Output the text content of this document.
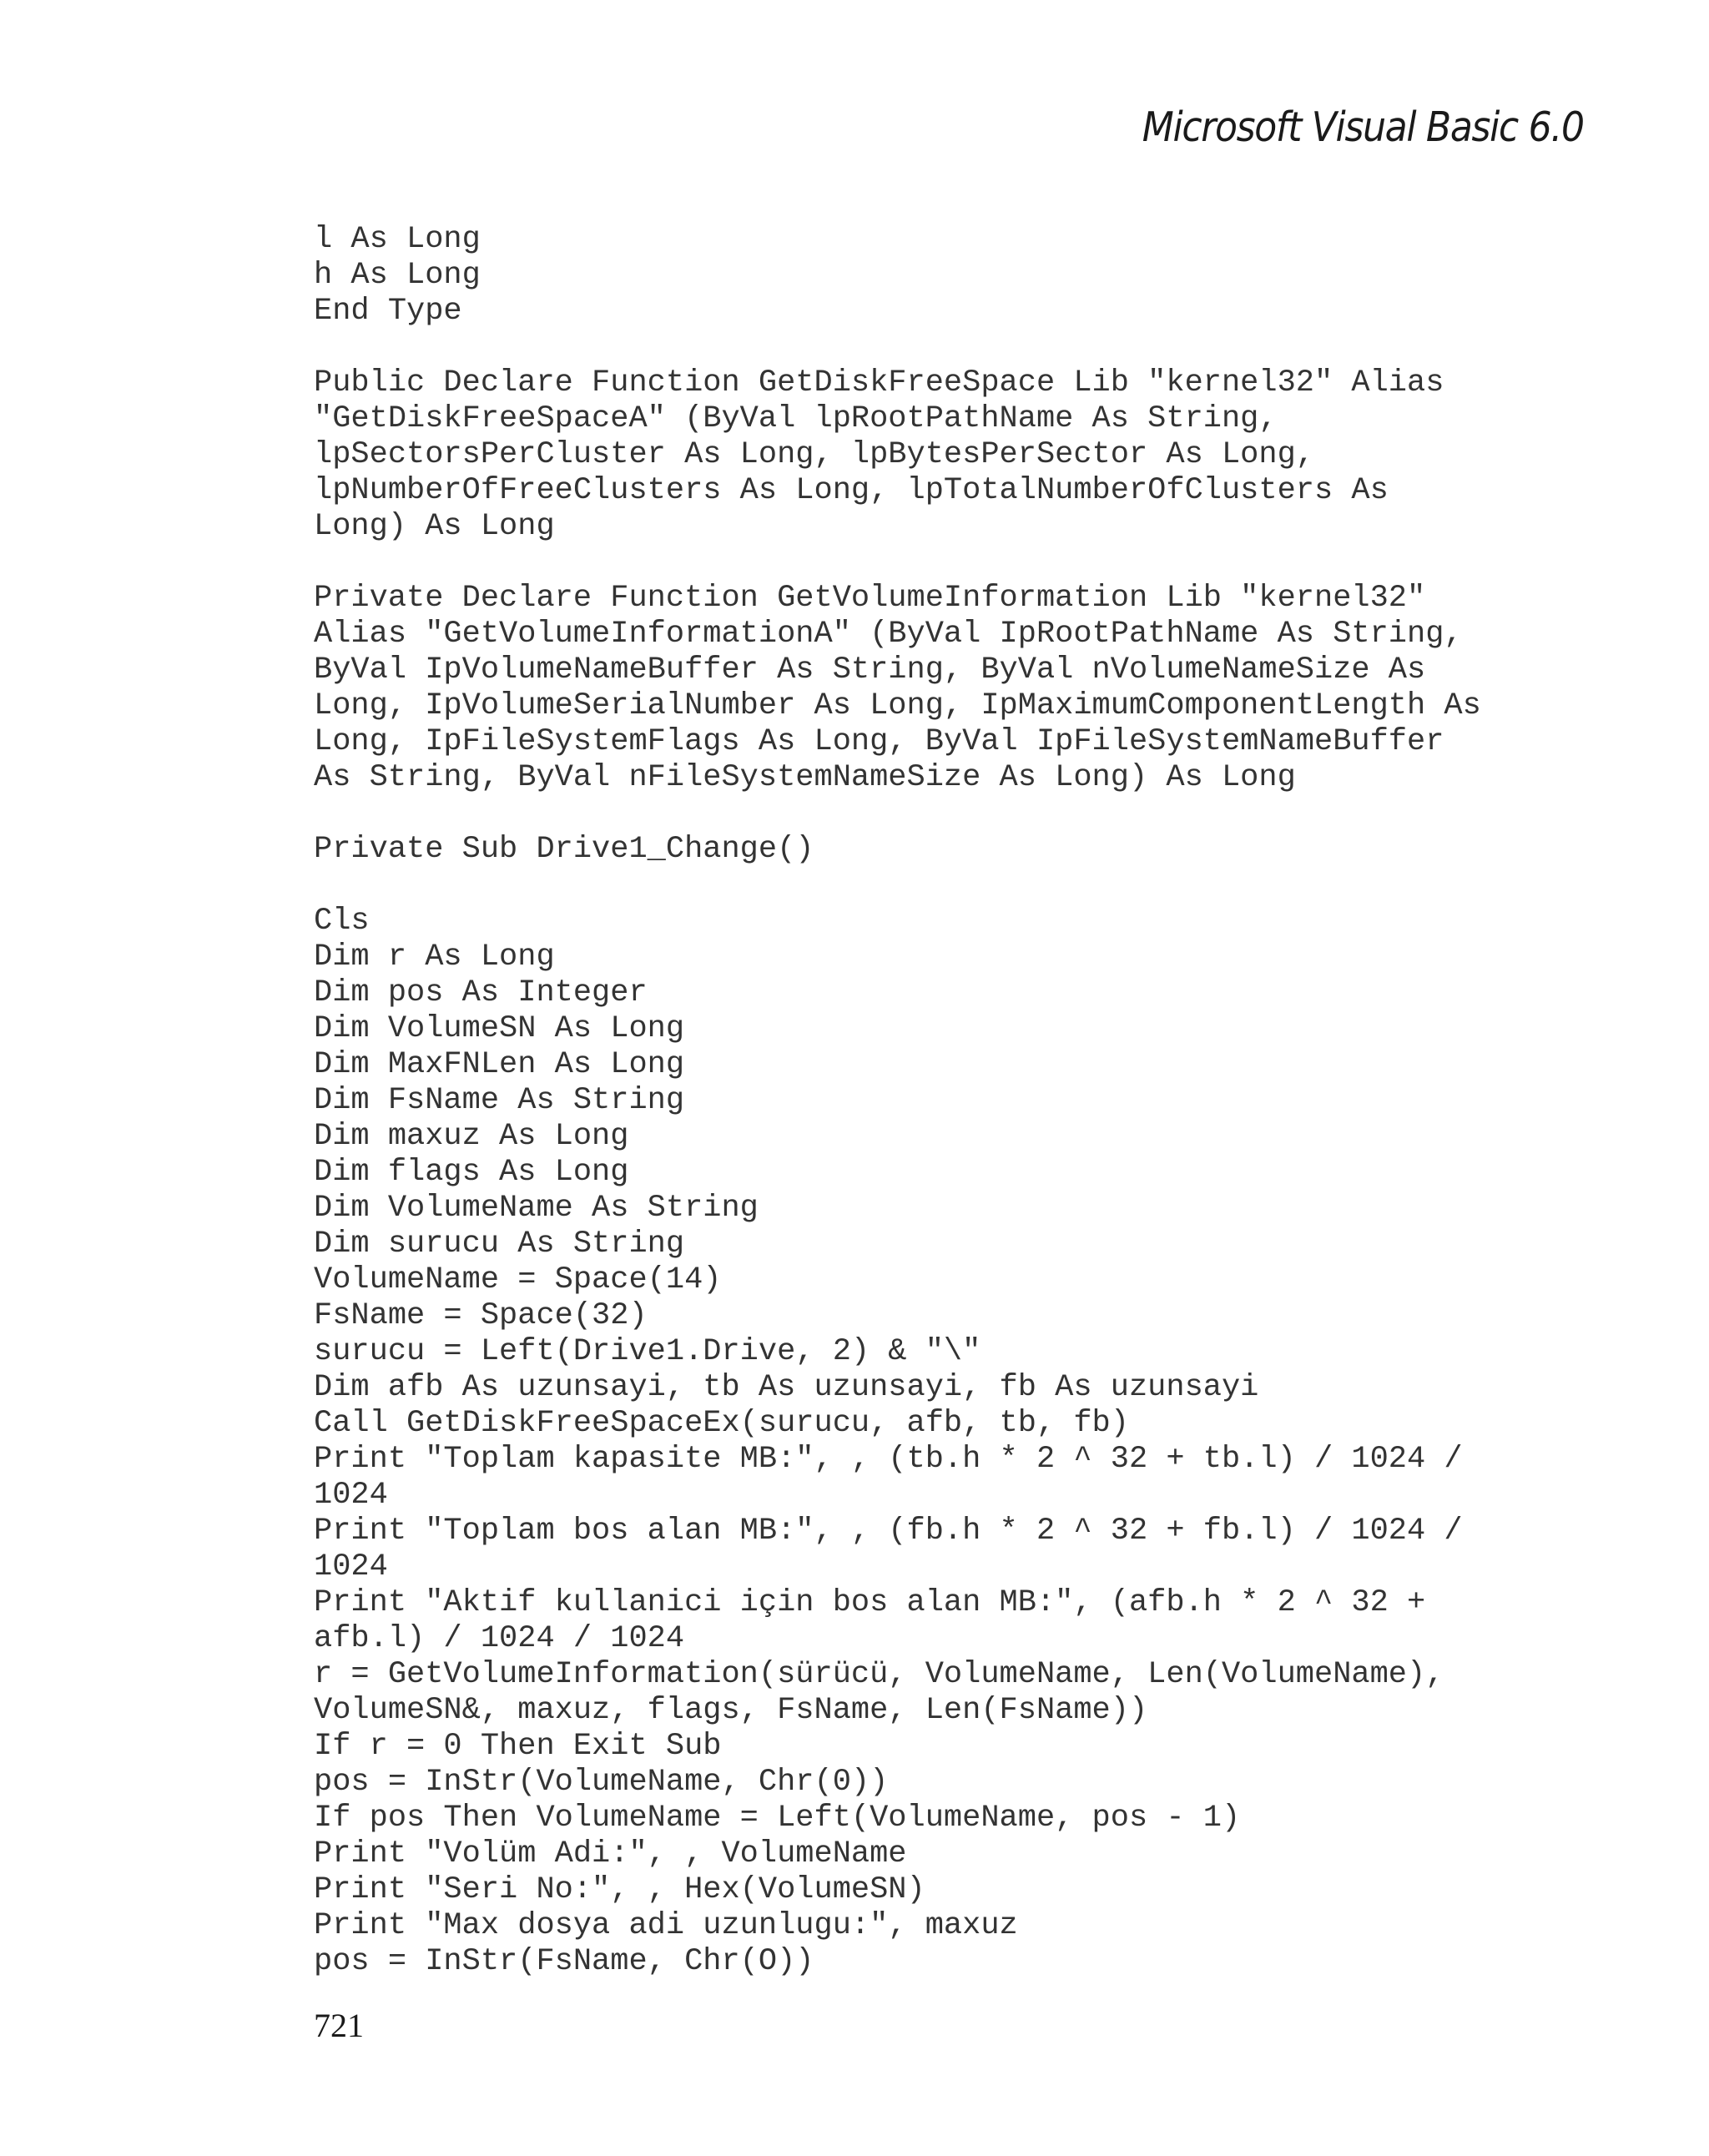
Microsoft Visual Basic 6.0
l As Long
h As Long
End Type
Public Declare Function GetDiskFreeSpace Lib "kernel32" Alias
"GetDiskFreeSpaceA" (ByVal lpRootPathName As String,
lpSectorsPerCluster As Long, lpBytesPerSector As Long,
lpNumberOfFreeClusters As Long, lpTotalNumberOfClusters As
Long) As Long
Private Declare Function GetVolumeInformation Lib "kernel32"
Alias "GetVolumeInformationA" (ByVal IpRootPathName As String,
ByVal IpVolumeNameBuffer As String, ByVal nVolumeNameSize As
Long, IpVolumeSerialNumber As Long, IpMaximumComponentLength As
Long, IpFileSystemFlags As Long, ByVal IpFileSystemNameBuffer
As String, ByVal nFileSystemNameSize As Long) As Long
Private Sub Drive1_Change()
Cls
Dim r As Long
Dim pos As Integer
Dim VolumeSN As Long
Dim MaxFNLen As Long
Dim FsName As String
Dim maxuz As Long
Dim flags As Long
Dim VolumeName As String
Dim surucu As String
VolumeName = Space(14)
FsName = Space(32)
surucu = Left(Drive1.Drive, 2) & "\"
Dim afb As uzunsayi, tb As uzunsayi, fb As uzunsayi
Call GetDiskFreeSpaceEx(surucu, afb, tb, fb)
Print "Toplam kapasite MB:", , (tb.h * 2 ^ 32 + tb.l) / 1024 /
1024
Print "Toplam bos alan MB:", , (fb.h * 2 ^ 32 + fb.l) / 1024 /
1024
Print "Aktif kullanici için bos alan MB:", (afb.h * 2 ^ 32 +
afb.l) / 1024 / 1024
r = GetVolumeInformation(sürücü, VolumeName, Len(VolumeName),
VolumeSN&, maxuz, flags, FsName, Len(FsName))
If r = 0 Then Exit Sub
pos = InStr(VolumeName, Chr(0))
If pos Then VolumeName = Left(VolumeName, pos - 1)
Print "Volüm Adi:", , VolumeName
Print "Seri No:", , Hex(VolumeSN)
Print "Max dosya adi uzunlugu:", maxuz
pos = InStr(FsName, Chr(O))
721
